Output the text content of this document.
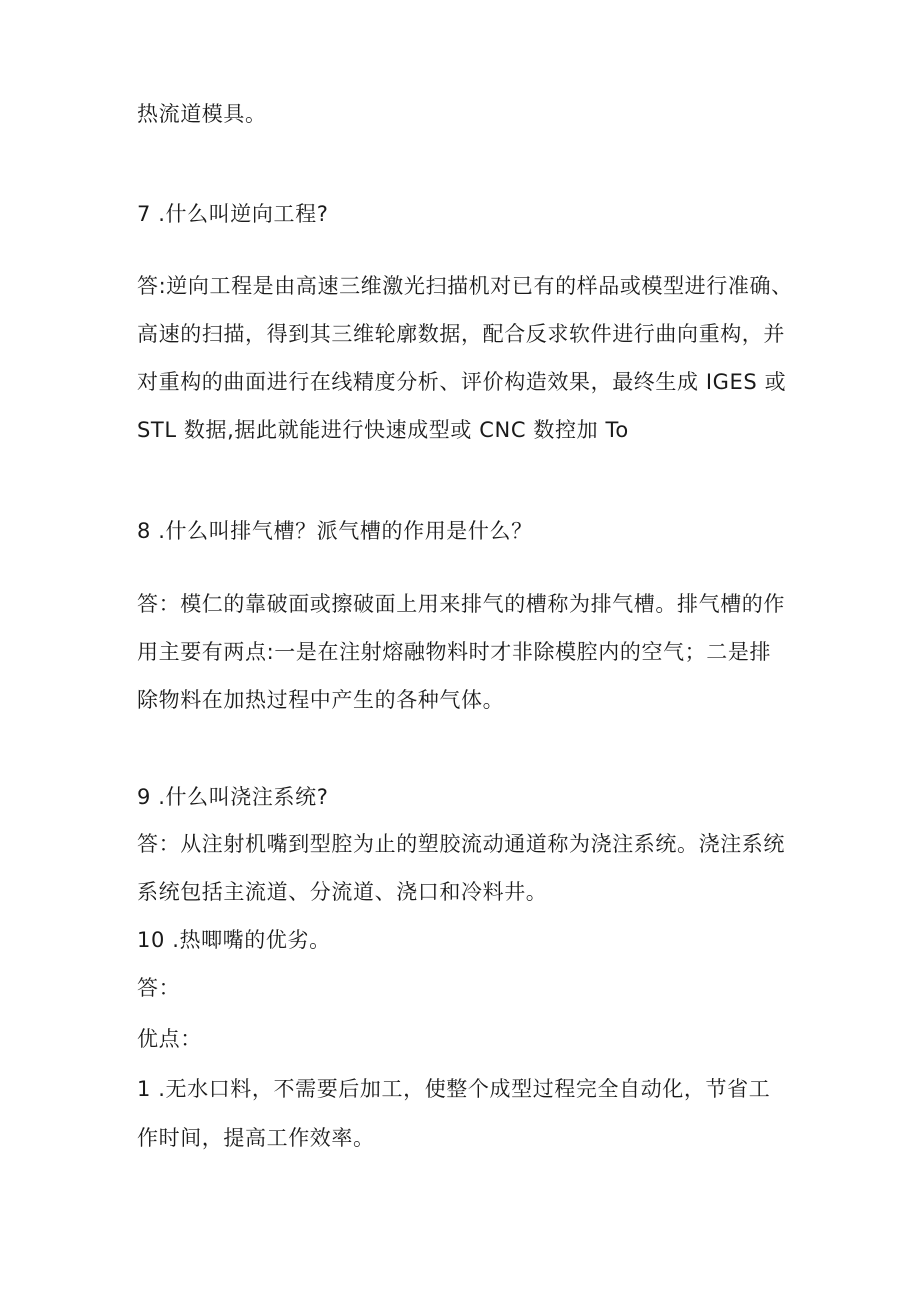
热流道模具。
7 .什么叫逆向工程?
答:逆向工程是由高速三维激光扫描机对已有的样品或模型进行准确、
高速的扫描，得到其三维轮廓数据，配合反求软件进行曲向重构，并
对重构的曲面进行在线精度分析、评价构造效果，最终生成 IGES 或
STL 数据,据此就能进行快速成型或 CNC 数控加 To
8 .什么叫排气槽？派气槽的作用是什么？
答：模仁的靠破面或擦破面上用来排气的槽称为排气槽。排气槽的作
用主要有两点:一是在注射熔融物料时才非除模腔内的空气；二是排
除物料在加热过程中产生的各种气体。
9 .什么叫浇注系统?
答：从注射机嘴到型腔为止的塑胶流动通道称为浇注系统。浇注系统
系统包括主流道、分流道、浇口和冷料井。
10 .热唧嘴的优劣。
答：
优点：
1 .无水口料，不需要后加工，使整个成型过程完全自动化，节省工
作时间，提高工作效率。
